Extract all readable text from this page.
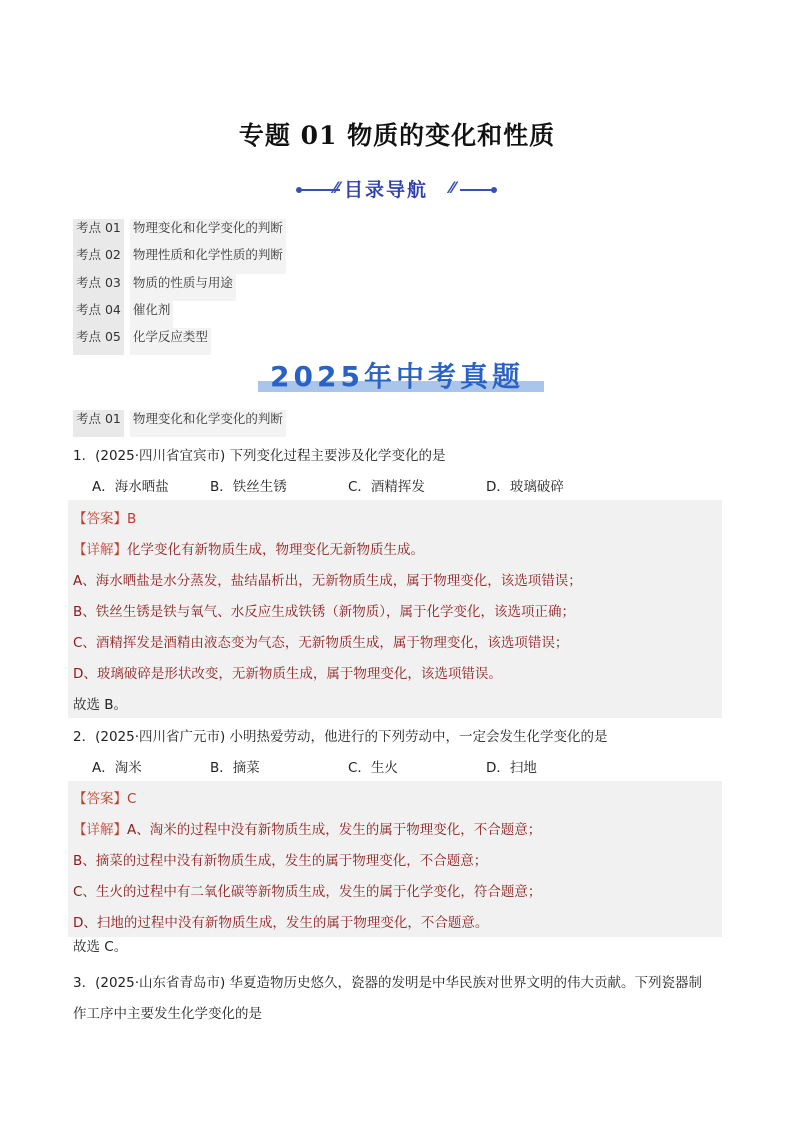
专题 01 物质的变化和性质
⁄⁄ 目录导航 ⁄⁄
考点 01 物理变化和化学变化的判断
考点 02 物理性质和化学性质的判断
考点 03 物质的性质与用途
考点 04 催化剂
考点 05 化学反应类型
2025年中考真题
考点 01 物理变化和化学变化的判断
1．(2025·四川省宜宾市) 下列变化过程主要涉及化学变化的是
A．海水晒盐	B．铁丝生锈	C．酒精挥发	D．玻璃破碎
【答案】B
【详解】化学变化有新物质生成，物理变化无新物质生成。
A、海水晒盐是水分蒸发，盐结晶析出，无新物质生成，属于物理变化，该选项错误；
B、铁丝生锈是铁与氧气、水反应生成铁锈（新物质），属于化学变化，该选项正确；
C、酒精挥发是酒精由液态变为气态，无新物质生成，属于物理变化，该选项错误；
D、玻璃破碎是形状改变，无新物质生成，属于物理变化，该选项错误。
故选 B。
2．(2025·四川省广元市) 小明热爱劳动，他进行的下列劳动中，一定会发生化学变化的是
A．淘米	B．摘菜	C．生火	D．扫地
【答案】C
【详解】A、淘米的过程中没有新物质生成，发生的属于物理变化，不合题意；
B、摘菜的过程中没有新物质生成，发生的属于物理变化，不合题意；
C、生火的过程中有二氧化碳等新物质生成，发生的属于化学变化，符合题意；
D、扫地的过程中没有新物质生成，发生的属于物理变化，不合题意。
故选 C。
3．(2025·山东省青岛市) 华夏造物历史悠久，瓷器的发明是中华民族对世界文明的伟大贡献。下列瓷器制
作工序中主要发生化学变化的是
